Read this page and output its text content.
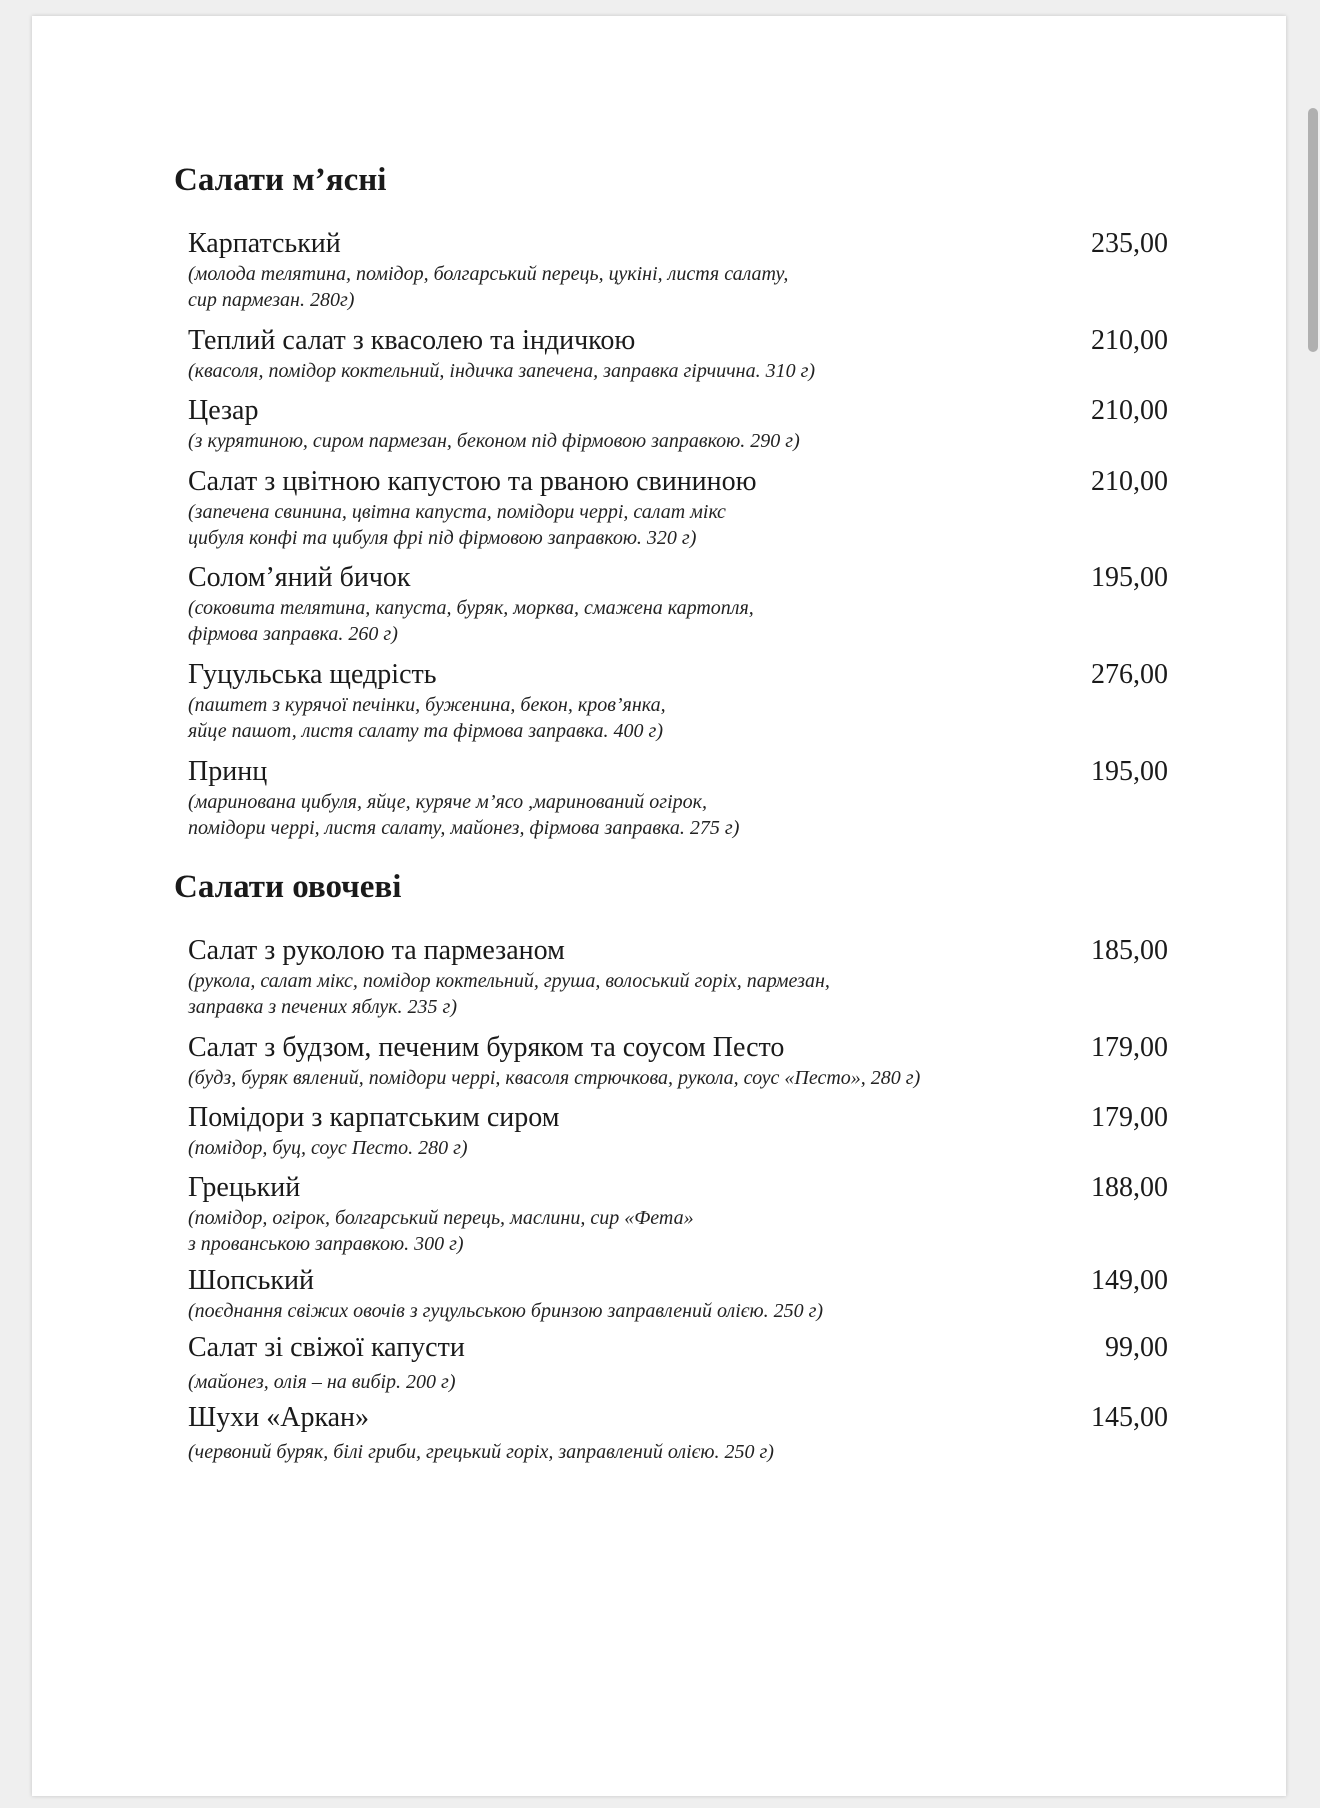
Салати м’ясні
Карпатський
(молода телятина, помідор, болгарський перець, цукіні, листя салату,
сир пармезан. 280г)
235,00
Теплий салат з квасолею та індичкою
(квасоля, помідор коктельний, індичка запечена, заправка гірчична. 310 г)
210,00
Цезар
(з курятиною, сиром пармезан, беконом під фірмовою заправкою. 290 г)
210,00
Салат з цвітною капустою та рваною свининою
(запечена свинина, цвітна капуста, помідори черрі, салат мікс
цибуля конфі та цибуля фрі під фірмовою заправкою. 320 г)
210,00
Солом’яний бичок
(соковита телятина, капуста, буряк, морква, смажена картопля,
фірмова заправка. 260 г)
195,00
Гуцульська щедрість
(паштет з курячої печінки, буженина, бекон, кров’янка,
яйце пашот, листя салату та фірмова заправка. 400 г)
276,00
Принц
(маринована цибуля, яйце, куряче м’ясо ,маринований огірок,
помідори черрі, листя салату, майонез, фірмова заправка. 275 г)
195,00
Салати овочеві
Салат з руколою та пармезаном
(рукола, салат мікс, помідор коктельний, груша, волоський горіх, пармезан,
заправка з печених яблук. 235 г)
185,00
Салат з будзом, печеним буряком та соусом Песто
(будз, буряк вялений, помідори черрі, квасоля стрючкова, рукола, соус «Песто», 280 г)
179,00
Помідори з карпатським сиром
(помідор, буц, соус Песто. 280 г)
179,00
Грецький
(помідор, огірок, болгарський перець, маслини, сир «Фета»
з прованською заправкою. 300 г)
188,00
Шопський
(поєднання свіжих овочів з гуцульською бринзою заправлений олією. 250 г)
149,00
Салат зі свіжої капусти
(майонез, олія – на вибір. 200 г)
99,00
Шухи «Аркан»
(червоний буряк, білі гриби, грецький горіх, заправлений олією. 250 г)
145,00
